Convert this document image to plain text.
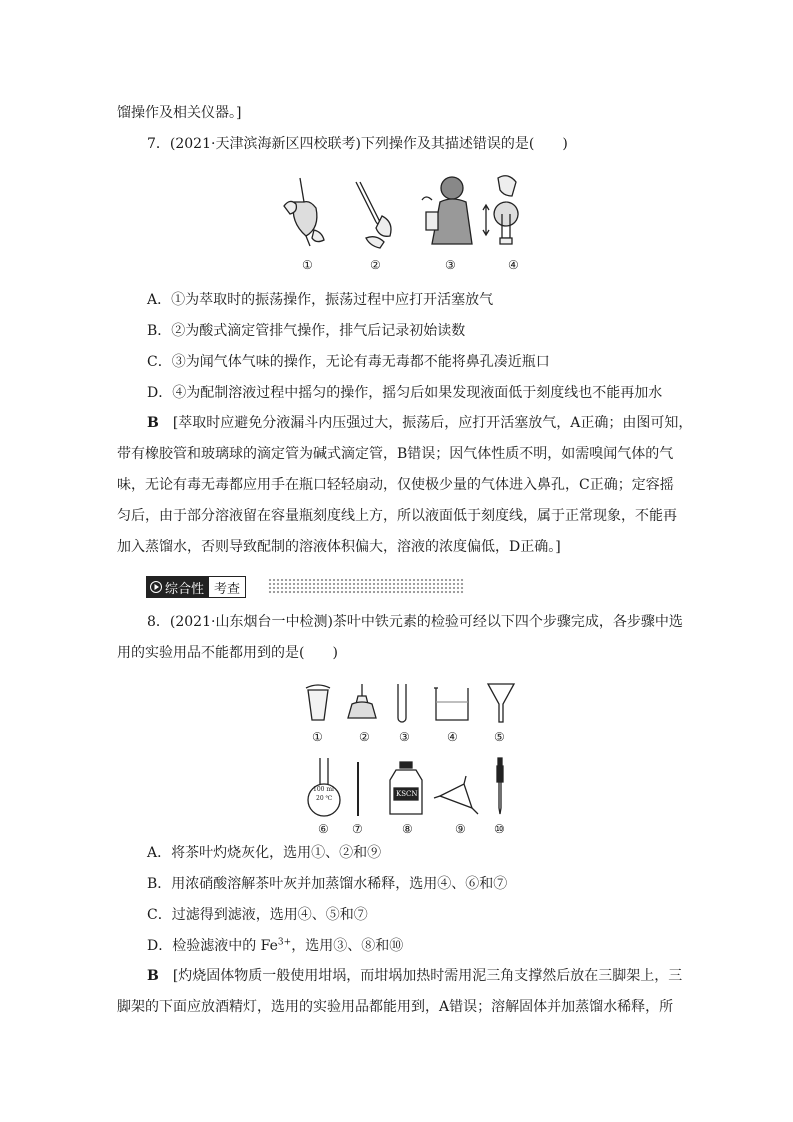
馏操作及相关仪器。]
7．(2021·天津滨海新区四校联考)下列操作及其描述错误的是(　　)
①	②	③	④
A．①为萃取时的振荡操作，振荡过程中应打开活塞放气
B．②为酸式滴定管排气操作，排气后记录初始读数
C．③为闻气体气味的操作，无论有毒无毒都不能将鼻孔凑近瓶口
D．④为配制溶液过程中摇匀的操作，摇匀后如果发现液面低于刻度线也不能再加水
B　 [萃取时应避免分液漏斗内压强过大，振荡后，应打开活塞放气，A正确；由图可知，
带有橡胶管和玻璃球的滴定管为碱式滴定管，B错误；因气体性质不明，如需嗅闻气体的气
味，无论有毒无毒都应用手在瓶口轻轻扇动，仅使极少量的气体进入鼻孔，C正确；定容摇
匀后，由于部分溶液留在容量瓶刻度线上方，所以液面低于刻度线，属于正常现象，不能再
加入蒸馏水，否则导致配制的溶液体积偏大，溶液的浓度偏低，D正确。]
综合性 考查
8．(2021·山东烟台一中检测)茶叶中铁元素的检验可经以下四个步骤完成，各步骤中选
用的实验用品不能都用到的是(　　)
①	② ③	④	⑤
100 ml
20 ℃
KSCN
⑥ ⑦	⑧	⑨ ⑩
A．将茶叶灼烧灰化，选用①、②和⑨
B．用浓硝酸溶解茶叶灰并加蒸馏水稀释，选用④、⑥和⑦
C．过滤得到滤液，选用④、⑤和⑦
D．检验滤液中的 $Fe^{3+}$，选用③、⑧和⑩
B　 [灼烧固体物质一般使用坩埚，而坩埚加热时需用泥三角支撑然后放在三脚架上，三
脚架的下面应放酒精灯，选用的实验用品都能用到，A错误；溶解固体并加蒸馏水稀释，所
